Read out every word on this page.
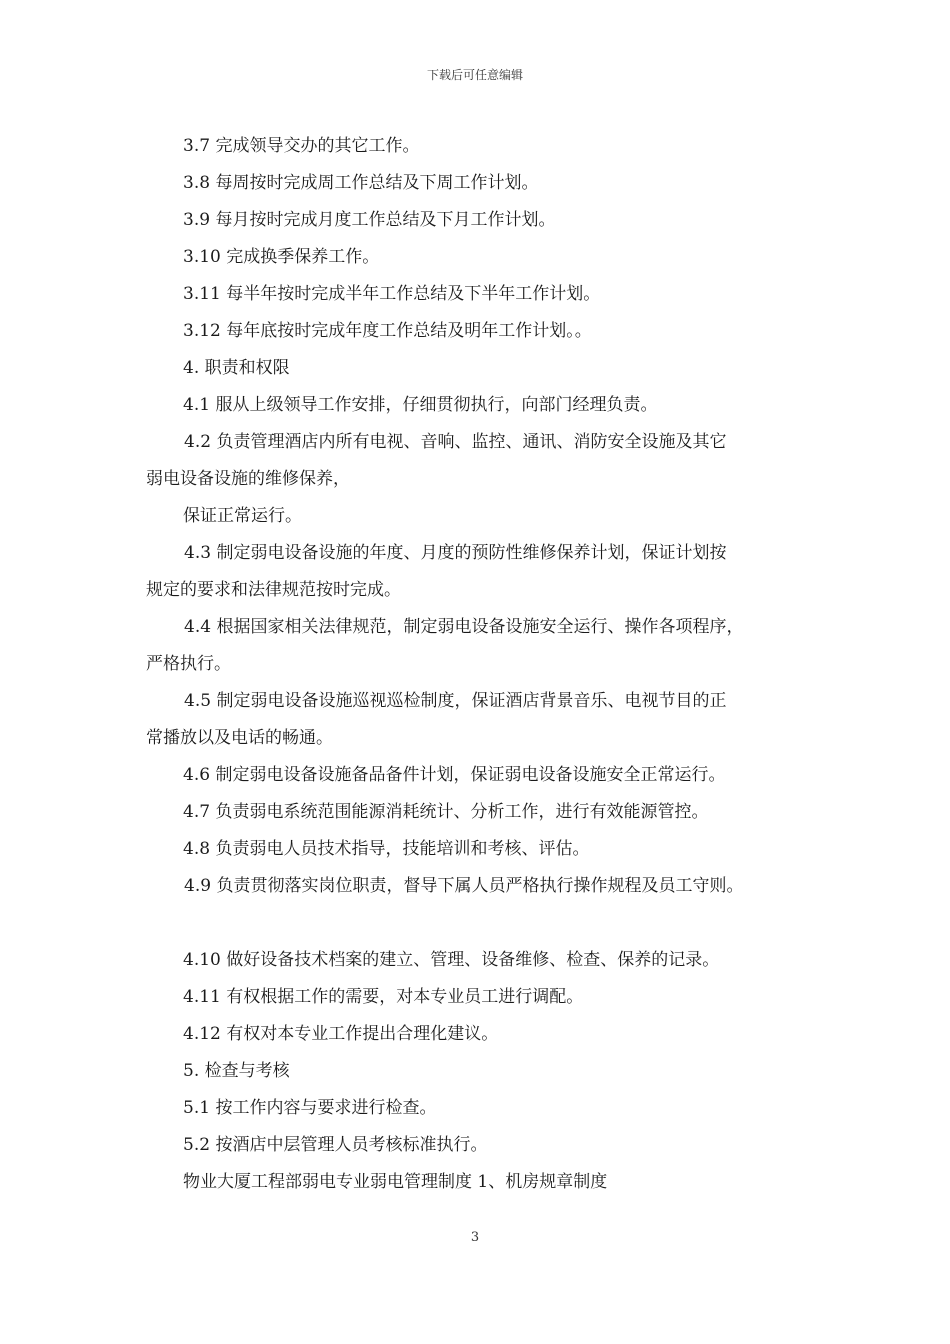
下载后可任意编辑
3.7 完成领导交办的其它工作。
3.8 每周按时完成周工作总结及下周工作计划。
3.9 每月按时完成月度工作总结及下月工作计划。
3.10 完成换季保养工作。
3.11 每半年按时完成半年工作总结及下半年工作计划。
3.12 每年底按时完成年度工作总结及明年工作计划。。
4. 职责和权限
4.1 服从上级领导工作安排，仔细贯彻执行，向部门经理负责。
4.2 负责管理酒店内所有电视、音响、监控、通讯、消防安全设施及其它
弱电设备设施的维修保养，
保证正常运行。
4.3 制定弱电设备设施的年度、月度的预防性维修保养计划，保证计划按
规定的要求和法律规范按时完成。
4.4 根据国家相关法律规范，制定弱电设备设施安全运行、操作各项程序，
严格执行。
4.5 制定弱电设备设施巡视巡检制度，保证酒店背景音乐、电视节目的正
常播放以及电话的畅通。
4.6 制定弱电设备设施备品备件计划，保证弱电设备设施安全正常运行。
4.7 负责弱电系统范围能源消耗统计、分析工作，进行有效能源管控。
4.8 负责弱电人员技术指导，技能培训和考核、评估。
4.9 负责贯彻落实岗位职责，督导下属人员严格执行操作规程及员工守则。
4.10 做好设备技术档案的建立、管理、设备维修、检查、保养的记录。
4.11 有权根据工作的需要，对本专业员工进行调配。
4.12 有权对本专业工作提出合理化建议。
5. 检查与考核
5.1 按工作内容与要求进行检查。
5.2 按酒店中层管理人员考核标准执行。
物业大厦工程部弱电专业弱电管理制度 1、机房规章制度
3
